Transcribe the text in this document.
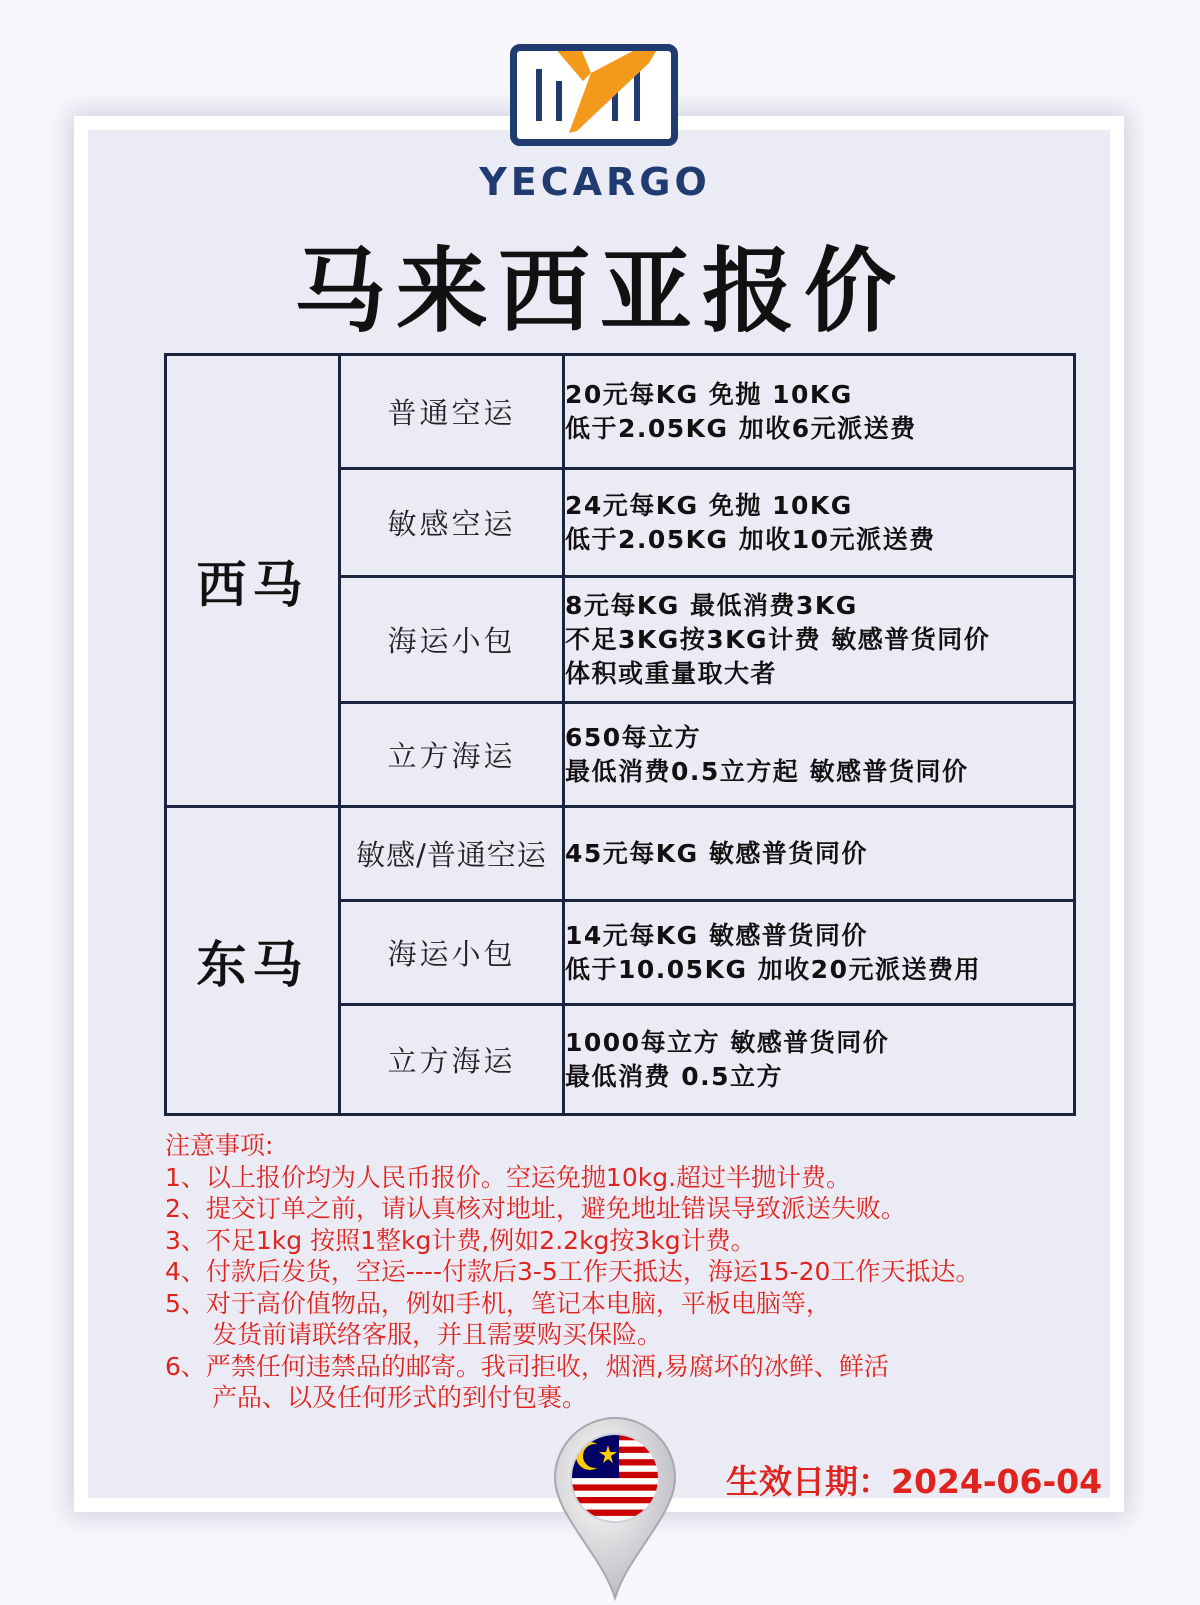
YECARGO
马来西亚报价
西马	普通空运	20元每KG 免抛 10KG
低于2.05KG 加收6元派送费

	敏感空运	24元每KG 免抛 10KG
低于2.05KG 加收10元派送费

	海运小包	8元每KG 最低消费3KG
不足3KG按3KG计费 敏感普货同价
体积或重量取大者

	立方海运	650每立方
最低消费0.5立方起 敏感普货同价

东马	敏感/普通空运	45元每KG 敏感普货同价

	海运小包	14元每KG 敏感普货同价
低于10.05KG 加收20元派送费用

	立方海运	1000每立方 敏感普货同价
最低消费 0.5立方
注意事项:
1、以上报价均为人民币报价。空运免抛10kg.超过半抛计费。
2、提交订单之前，请认真核对地址，避免地址错误导致派送失败。
3、不足1kg 按照1整kg计费,例如2.2kg按3kg计费。
4、付款后发货，空运----付款后3-5工作天抵达，海运15-20工作天抵达。
5、对于高价值物品，例如手机，笔记本电脑，平板电脑等，
发货前请联络客服，并且需要购买保险。
6、严禁任何违禁品的邮寄。我司拒收，烟酒,易腐坏的冰鲜、鲜活
产品、以及任何形式的到付包裹。
生效日期：2024-06-04
